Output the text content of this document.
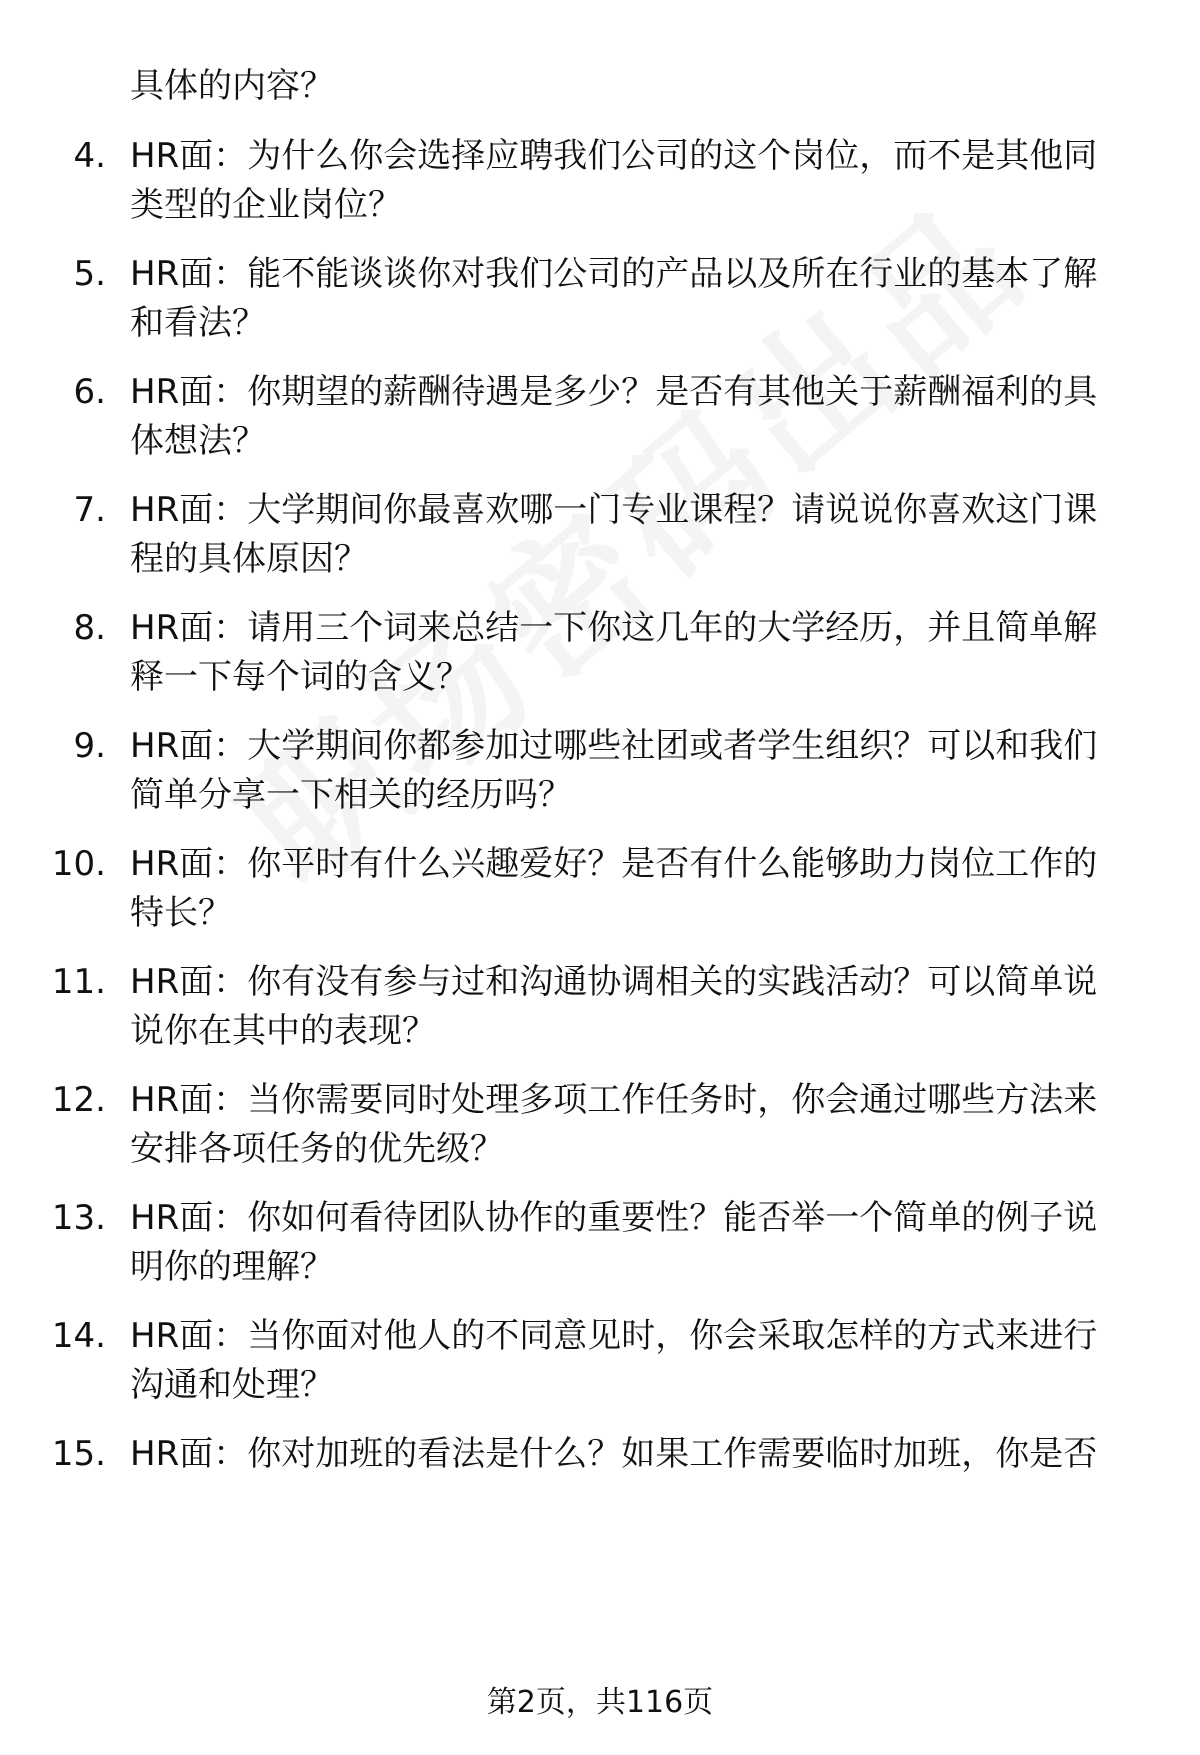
具体的内容？
4. HR面：为什么你会选择应聘我们公司的这个岗位，而不是其他同
类型的企业岗位？
5. HR面：能不能谈谈你对我们公司的产品以及所在行业的基本了解
和看法？
6. HR面：你期望的薪酬待遇是多少？是否有其他关于薪酬福利的具
体想法？
7. HR面：大学期间你最喜欢哪一门专业课程？请说说你喜欢这门课
程的具体原因？
8. HR面：请用三个词来总结一下你这几年的大学经历，并且简单解
释一下每个词的含义？
9. HR面：大学期间你都参加过哪些社团或者学生组织？可以和我们
简单分享一下相关的经历吗？
10. HR面：你平时有什么兴趣爱好？是否有什么能够助力岗位工作的
特长？
11. HR面：你有没有参与过和沟通协调相关的实践活动？可以简单说
说你在其中的表现？
12. HR面：当你需要同时处理多项工作任务时，你会通过哪些方法来
安排各项任务的优先级？
13. HR面：你如何看待团队协作的重要性？能否举一个简单的例子说
明你的理解？
14. HR面：当你面对他人的不同意见时，你会采取怎样的方式来进行
沟通和处理？
15. HR面：你对加班的看法是什么？如果工作需要临时加班，你是否
第2页，共116页
